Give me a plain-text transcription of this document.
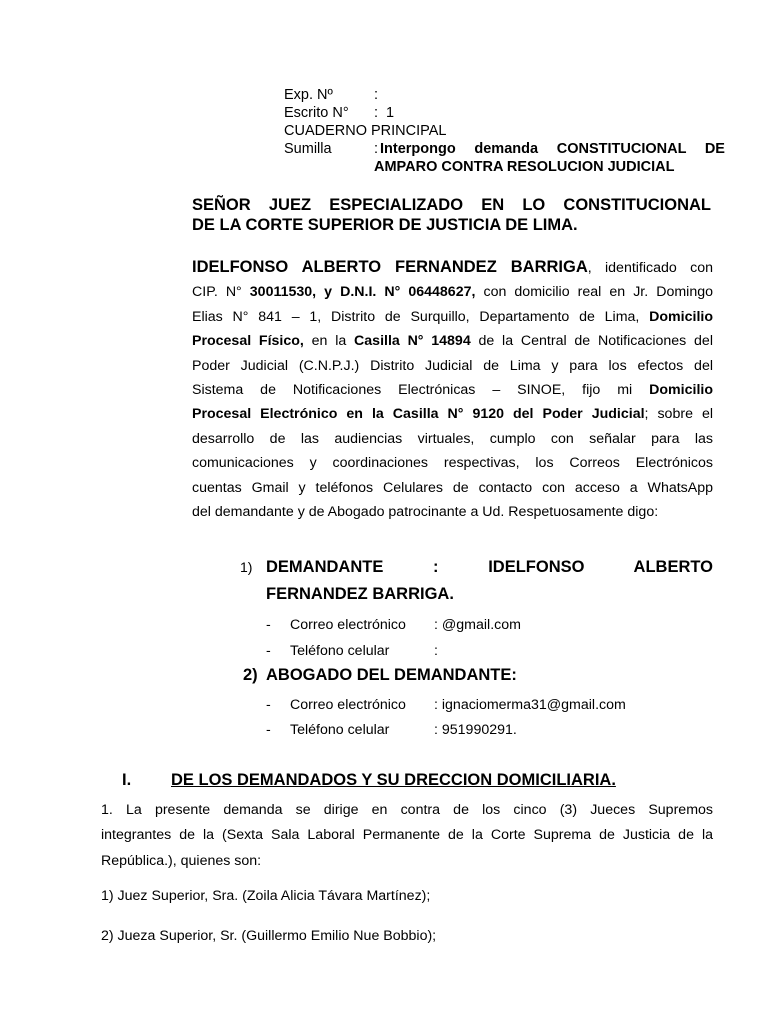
Exp. Nº	:
Escrito N°	: 1
CUADERNO PRINCIPAL
Sumilla	: Interpongo demanda CONSTITUCIONAL DE
AMPARO CONTRA RESOLUCION JUDICIAL
SEÑOR JUEZ ESPECIALIZADO EN LO CONSTITUCIONAL
DE LA CORTE SUPERIOR DE JUSTICIA DE LIMA.
IDELFONSO ALBERTO FERNANDEZ BARRIGA, identificado con
CIP. N° 30011530, y D.N.I. N° 06448627, con domicilio real en Jr. Domingo
Elias N° 841 – 1, Distrito de Surquillo, Departamento de Lima, Domicilio
Procesal Físico, en la Casilla N° 14894 de la Central de Notificaciones del
Poder Judicial (C.N.P.J.) Distrito Judicial de Lima y para los efectos del
Sistema de Notificaciones Electrónicas – SINOE, fijo mi Domicilio
Procesal Electrónico en la Casilla N° 9120 del Poder Judicial; sobre el
desarrollo de las audiencias virtuales, cumplo con señalar para las
comunicaciones y coordinaciones respectivas, los Correos Electrónicos
cuentas Gmail y teléfonos Celulares de contacto con acceso a WhatsApp
del demandante y de Abogado patrocinante a Ud. Respetuosamente digo:
1) DEMANDANTE : IDELFONSO ALBERTO
FERNANDEZ BARRIGA.
-	Correo electrónico	: @gmail.com
-	Teléfono celular	:
2) ABOGADO DEL DEMANDANTE:
-	Correo electrónico	: ignaciomerma31@gmail.com
-	Teléfono celular	: 951990291.
I.	DE LOS DEMANDADOS Y SU DRECCION DOMICILIARIA.
1. La presente demanda se dirige en contra de los cinco (3) Jueces Supremos
integrantes de la (Sexta Sala Laboral Permanente de la Corte Suprema de Justicia de la
República.), quienes son:
1) Juez Superior, Sra. (Zoila Alicia Távara Martínez);
2) Jueza Superior, Sr. (Guillermo Emilio Nue Bobbio);
